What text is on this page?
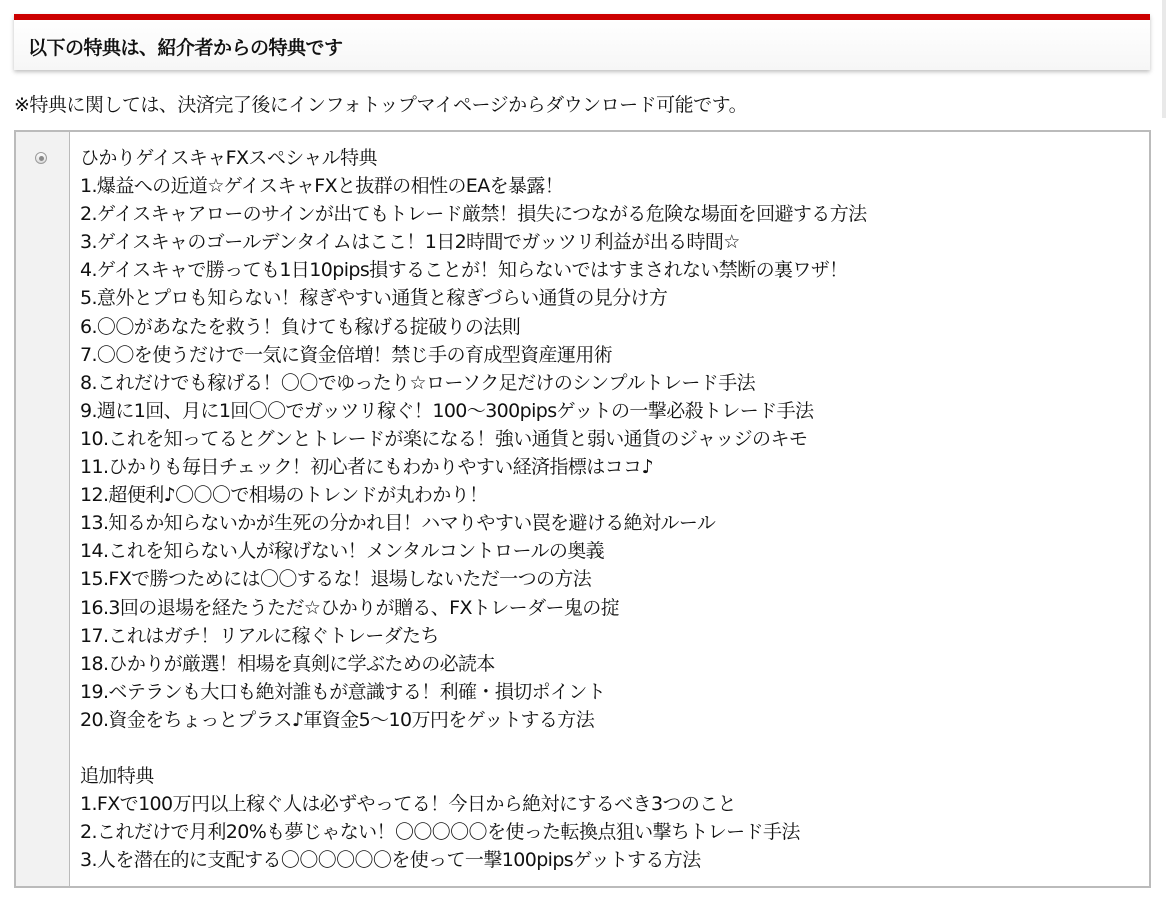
以下の特典は、紹介者からの特典です
※特典に関しては、決済完了後にインフォトップマイページからダウンロード可能です。
ひかりゲイスキャFXスペシャル特典
1.爆益への近道☆ゲイスキャFXと抜群の相性のEAを暴露！
2.ゲイスキャアローのサインが出てもトレード厳禁！損失につながる危険な場面を回避する方法
3.ゲイスキャのゴールデンタイムはここ！1日2時間でガッツリ利益が出る時間☆
4.ゲイスキャで勝っても1日10pips損することが！知らないではすまされない禁断の裏ワザ！
5.意外とプロも知らない！稼ぎやすい通貨と稼ぎづらい通貨の見分け方
6.〇〇があなたを救う！負けても稼げる掟破りの法則
7.〇〇を使うだけで一気に資金倍増！禁じ手の育成型資産運用術
8.これだけでも稼げる！〇〇でゆったり☆ローソク足だけのシンプルトレード手法
9.週に1回、月に1回〇〇でガッツリ稼ぐ！100～300pipsゲットの一撃必殺トレード手法
10.これを知ってるとグンとトレードが楽になる！強い通貨と弱い通貨のジャッジのキモ
11.ひかりも毎日チェック！初心者にもわかりやすい経済指標はココ♪
12.超便利♪〇〇〇で相場のトレンドが丸わかり！
13.知るか知らないかが生死の分かれ目！ハマりやすい罠を避ける絶対ルール
14.これを知らない人が稼げない！メンタルコントロールの奥義
15.FXで勝つためには〇〇するな！退場しないただ一つの方法
16.3回の退場を経たうただ☆ひかりが贈る、FXトレーダー鬼の掟
17.これはガチ！リアルに稼ぐトレーダたち
18.ひかりが厳選！相場を真剣に学ぶための必読本
19.ベテランも大口も絶対誰もが意識する！利確・損切ポイント
20.資金をちょっとプラス♪軍資金5～10万円をゲットする方法
追加特典
1.FXで100万円以上稼ぐ人は必ずやってる！今日から絶対にするべき3つのこと
2.これだけで月利20%も夢じゃない！〇〇〇〇〇を使った転換点狙い撃ちトレード手法
3.人を潜在的に支配する〇〇〇〇〇〇を使って一撃100pipsゲットする方法
